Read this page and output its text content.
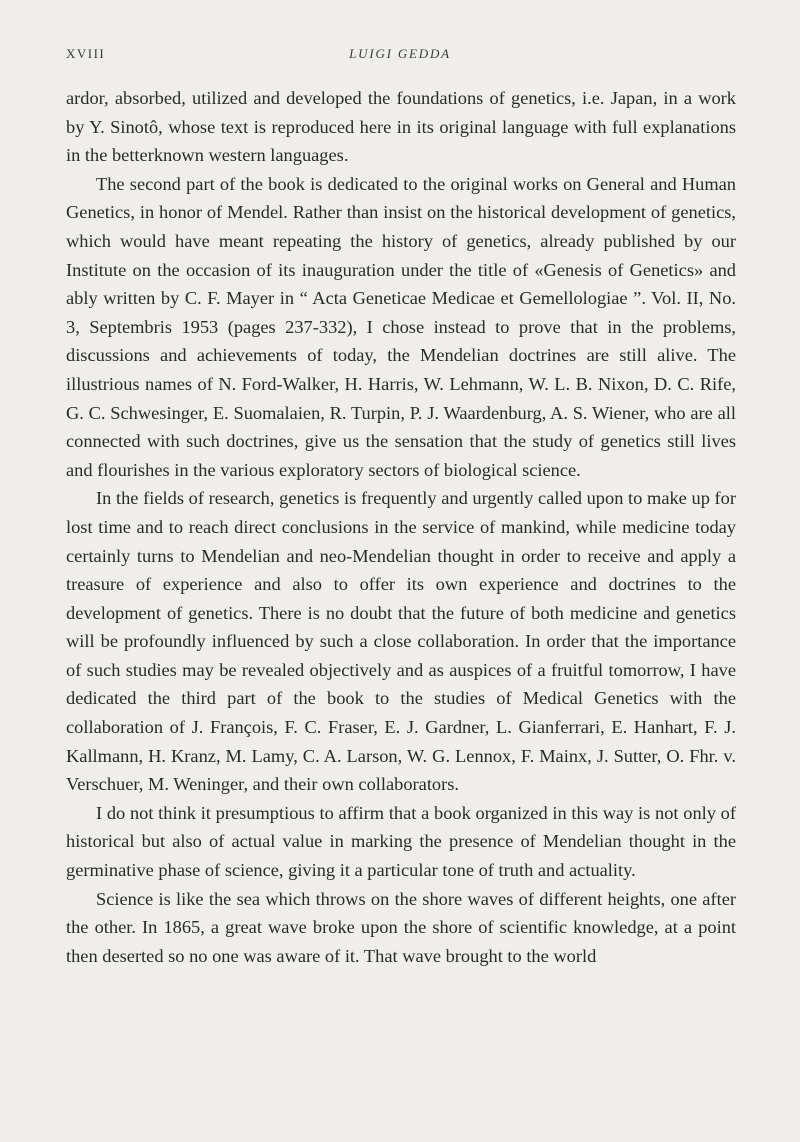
XVIII	LUIGI GEDDA

ardor, absorbed, utilized and developed the foundations of genetics, i.e. Japan, in a work by Y. Sinotô, whose text is reproduced here in its original language with full explanations in the betterknown western languages.

The second part of the book is dedicated to the original works on General and Human Genetics, in honor of Mendel. Rather than insist on the historical development of genetics, which would have meant repeating the history of genetics, already published by our Institute on the occasion of its inauguration under the title of «Genesis of Genetics» and ably written by C. F. Mayer in “ Acta Geneticae Medicae et Gemellologiae ”. Vol. II, No. 3, Septembris 1953 (pages 237-332), I chose instead to prove that in the problems, discussions and achievements of today, the Mendelian doctrines are still alive. The illustrious names of N. Ford-Walker, H. Harris, W. Lehmann, W. L. B. Nixon, D. C. Rife, G. C. Schwesinger, E. Suomalaien, R. Turpin, P. J. Waardenburg, A. S. Wiener, who are all connected with such doctrines, give us the sensation that the study of genetics still lives and flourishes in the various exploratory sectors of biological science.

In the fields of research, genetics is frequently and urgently called upon to make up for lost time and to reach direct conclusions in the service of mankind, while medicine today certainly turns to Mendelian and neo-Mendelian thought in order to receive and apply a treasure of experience and also to offer its own experience and doctrines to the development of genetics. There is no doubt that the future of both medicine and genetics will be profoundly influenced by such a close collaboration. In order that the importance of such studies may be revealed objectively and as auspices of a fruitful tomorrow, I have dedicated the third part of the book to the studies of Medical Genetics with the collaboration of J. François, F. C. Fraser, E. J. Gardner, L. Gianferrari, E. Hanhart, F. J. Kallmann, H. Kranz, M. Lamy, C. A. Larson, W. G. Lennox, F. Mainx, J. Sutter, O. Fhr. v. Verschuer, M. Weninger, and their own collaborators.

I do not think it presumptious to affirm that a book organized in this way is not only of historical but also of actual value in marking the presence of Mendelian thought in the germinative phase of science, giving it a particular tone of truth and actuality.

Science is like the sea which throws on the shore waves of different heights, one after the other. In 1865, a great wave broke upon the shore of scientific knowledge, at a point then deserted so no one was aware of it. That wave brought to the world
